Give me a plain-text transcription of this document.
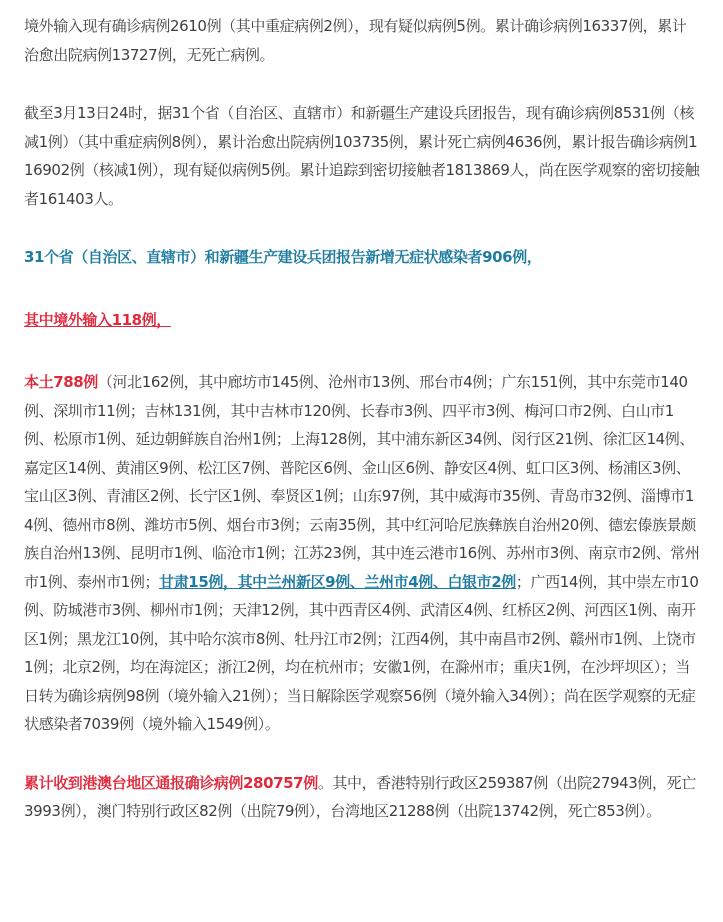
境外输入现有确诊病例2610例（其中重症病例2例），现有疑似病例5例。累计确诊病例16337例，累计治愈出院病例13727例，无死亡病例。

截至3月13日24时，据31个省（自治区、直辖市）和新疆生产建设兵团报告，现有确诊病例8531例（核减1例）（其中重症病例8例），累计治愈出院病例103735例，累计死亡病例4636例，累计报告确诊病例116902例（核减1例），现有疑似病例5例。累计追踪到密切接触者1813869人，尚在医学观察的密切接触者161403人。

31个省（自治区、直辖市）和新疆生产建设兵团报告新增无症状感染者906例，

其中境外输入118例，

本土788例（河北162例，其中廊坊市145例、沧州市13例、邢台市4例；广东151例，其中东莞市140例、深圳市11例；吉林131例，其中吉林市120例、长春市3例、四平市3例、梅河口市2例、白山市1例、松原市1例、延边朝鲜族自治州1例；上海128例，其中浦东新区34例、闵行区21例、徐汇区14例、嘉定区14例、黄浦区9例、松江区7例、普陀区6例、金山区6例、静安区4例、虹口区3例、杨浦区3例、宝山区3例、青浦区2例、长宁区1例、奉贤区1例；山东97例，其中威海市35例、青岛市32例、淄博市14例、德州市8例、潍坊市5例、烟台市3例；云南35例，其中红河哈尼族彝族自治州20例、德宏傣族景颇族自治州13例、昆明市1例、临沧市1例；江苏23例，其中连云港市16例、苏州市3例、南京市2例、常州市1例、泰州市1例；甘肃15例，其中兰州新区9例、兰州市4例、白银市2例；广西14例，其中崇左市10例、防城港市3例、柳州市1例；天津12例，其中西青区4例、武清区4例、红桥区2例、河西区1例、南开区1例；黑龙江10例，其中哈尔滨市8例、牡丹江市2例；江西4例，其中南昌市2例、赣州市1例、上饶市1例；北京2例，均在海淀区；浙江2例，均在杭州市；安徽1例，在滁州市；重庆1例，在沙坪坝区）；当日转为确诊病例98例（境外输入21例）；当日解除医学观察56例（境外输入34例）；尚在医学观察的无症状感染者7039例（境外输入1549例）。

累计收到港澳台地区通报确诊病例280757例。其中，香港特别行政区259387例（出院27943例，死亡3993例），澳门特别行政区82例（出院79例），台湾地区21288例（出院13742例，死亡853例）。
